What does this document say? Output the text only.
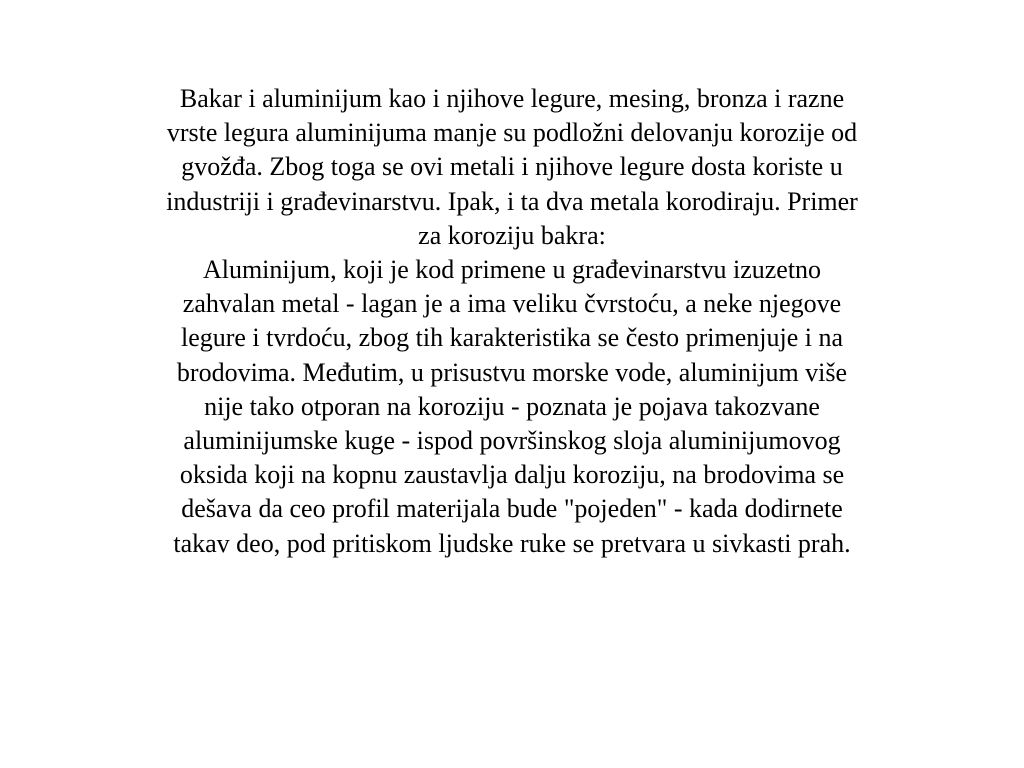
Bakar i aluminijum kao i njihove legure, mesing, bronza i razne
vrste legura aluminijuma manje su podložni delovanju korozije od
gvožđa. Zbog toga se ovi metali i njihove legure dosta koriste u
industriji i građevinarstvu. Ipak, i ta dva metala korodiraju. Primer
za koroziju bakra:
Aluminijum, koji je kod primene u građevinarstvu izuzetno
zahvalan metal - lagan je a ima veliku čvrstoću, a neke njegove
legure i tvrdoću, zbog tih karakteristika se često primenjuje i na
brodovima. Međutim, u prisustvu morske vode, aluminijum više
nije tako otporan na koroziju - poznata je pojava takozvane
aluminijumske kuge - ispod površinskog sloja aluminijumovog
oksida koji na kopnu zaustavlja dalju koroziju, na brodovima se
dešava da ceo profil materijala bude "pojeden" - kada dodirnete
takav deo, pod pritiskom ljudske ruke se pretvara u sivkasti prah.
